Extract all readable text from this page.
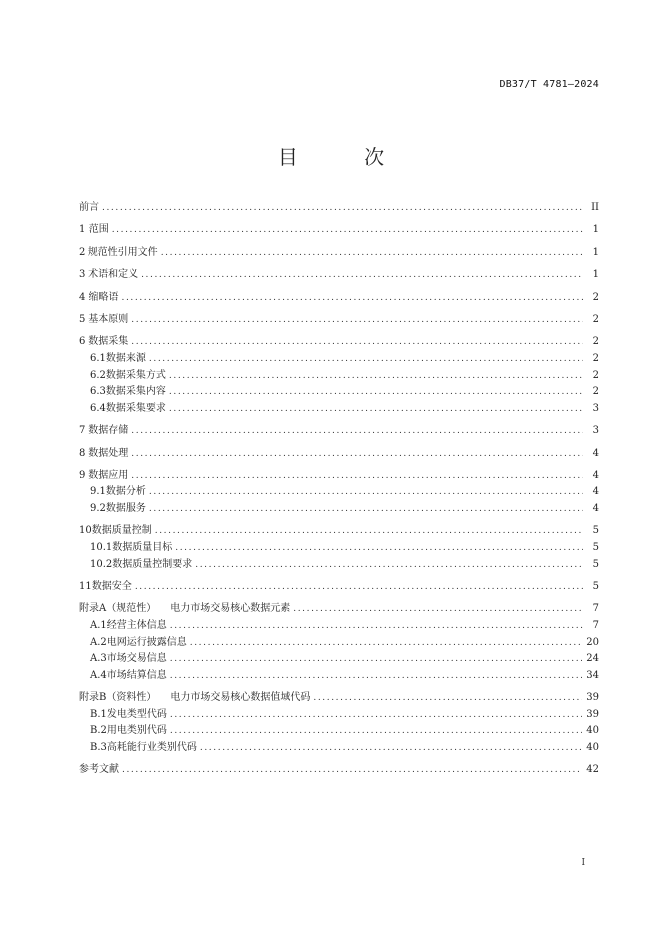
DB37/T 4781—2024
目 次
前言 .....	II
1 范围 .....	1
2 规范性引用文件 .....	1
3 术语和定义 .....	1
4 缩略语 .....	2
5 基本原则 .....	2
6 数据采集 .....	2
6.1 数据来源 .....	2
6.2 数据采集方式 .....	2
6.3 数据采集内容 .....	2
6.4 数据采集要求 .....	3
7 数据存储 .....	3
8 数据处理 .....	4
9 数据应用 .....	4
9.1 数据分析 .....	4
9.2 数据服务 .....	4
10 数据质量控制 .....	5
10.1 数据质量目标 .....	5
10.2 数据质量控制要求 .....	5
11 数据安全 .....	5
附录A（规范性） 电力市场交易核心数据元素 .....	7
A.1 经营主体信息 .....	7
A.2 电网运行披露信息 .....	20
A.3 市场交易信息 .....	24
A.4 市场结算信息 .....	34
附录B（资料性） 电力市场交易核心数据值域代码 .....	39
B.1 发电类型代码 .....	39
B.2 用电类别代码 .....	40
B.3 高耗能行业类别代码 .....	40
参考文献 .....	42
I
